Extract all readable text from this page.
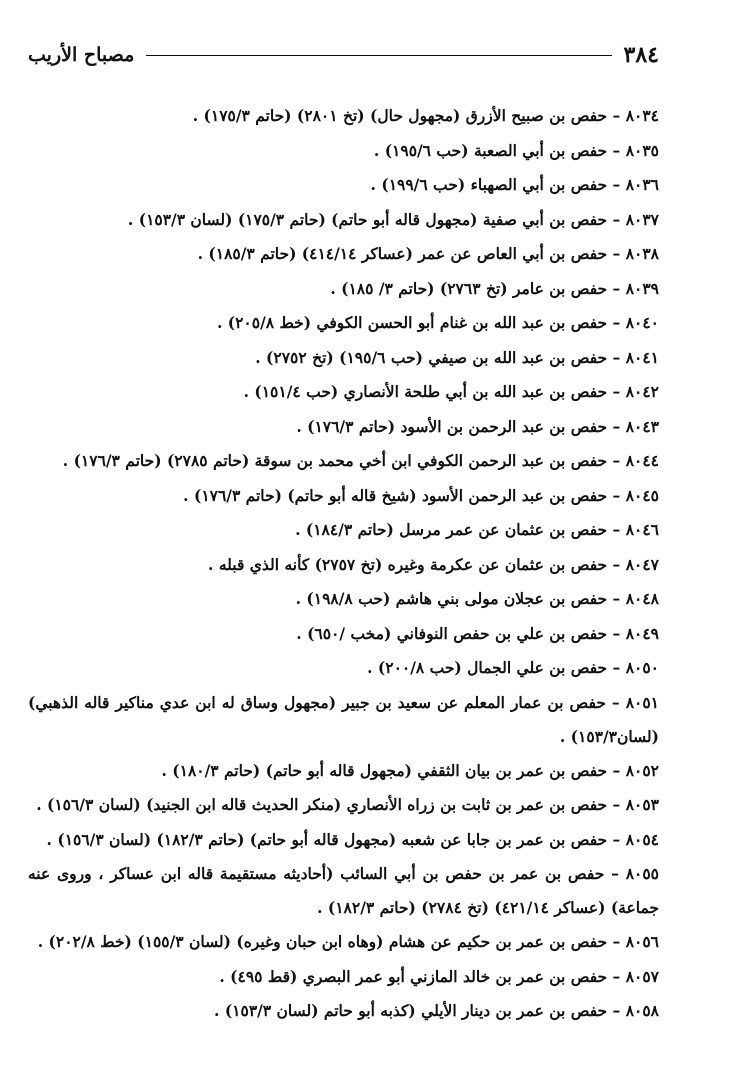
٣٨٤
مصباح الأريب
٨٠٣٤ – حفص بن صبيح الأزرق (مجهول حال) (تخ ٢٨٠١) (حاتم ١٧٥/٣) .
٨٠٣٥ – حفص بن أبي الصعبة (حب ١٩٥/٦) .
٨٠٣٦ – حفص بن أبي الصهباء (حب ١٩٩/٦) .
٨٠٣٧ – حفص بن أبي صفية (مجهول قاله أبو حاتم) (حاتم ١٧٥/٣) (لسان ١٥٣/٣) .
٨٠٣٨ – حفص بن أبي العاص عن عمر (عساكر ٤١٤/١٤) (حاتم ١٨٥/٣) .
٨٠٣٩ – حفص بن عامر (تخ ٢٧٦٣) (حاتم ٣/ ١٨٥) .
٨٠٤٠ – حفص بن عبد الله بن غنام أبو الحسن الكوفي (خط ٢٠٥/٨) .
٨٠٤١ – حفص بن عبد الله بن صيفي (حب ١٩٥/٦) (تخ ٢٧٥٢) .
٨٠٤٢ – حفص بن عبد الله بن أبي طلحة الأنصاري (حب ١٥١/٤) .
٨٠٤٣ – حفص بن عبد الرحمن بن الأسود (حاتم ١٧٦/٣) .
٨٠٤٤ – حفص بن عبد الرحمن الكوفي ابن أخي محمد بن سوقة (حاتم ٢٧٨٥) (حاتم ١٧٦/٣) .
٨٠٤٥ – حفص بن عبد الرحمن الأسود (شيخ قاله أبو حاتم) (حاتم ١٧٦/٣) .
٨٠٤٦ – حفص بن عثمان عن عمر مرسل (حاتم ١٨٤/٣) .
٨٠٤٧ – حفص بن عثمان عن عكرمة وغيره (تخ ٢٧٥٧) كأنه الذي قبله .
٨٠٤٨ – حفص بن عجلان مولى بني هاشم (حب ١٩٨/٨) .
٨٠٤٩ – حفص بن علي بن حفص النوفاني (مخب /٦٥٠) .
٨٠٥٠ – حفص بن علي الجمال (حب ٢٠٠/٨) .
٨٠٥١ – حفص بن عمار المعلم عن سعيد بن جبير (مجهول وساق له ابن عدي مناكير قاله الذهبي) (لسان١٥٣/٣) .
٨٠٥٢ – حفص بن عمر بن بيان الثقفي (مجهول قاله أبو حاتم) (حاتم ١٨٠/٣) .
٨٠٥٣ – حفص بن عمر بن ثابت بن زراه الأنصاري (منكر الحديث قاله ابن الجنيد) (لسان ١٥٦/٣) .
٨٠٥٤ – حفص بن عمر بن جابا عن شعبه (مجهول قاله أبو حاتم) (حاتم ١٨٢/٣) (لسان ١٥٦/٣) .
٨٠٥٥ – حفص بن عمر بن حفص بن أبي السائب (أحاديثه مستقيمة قاله ابن عساكر ، وروى عنه جماعة) (عساكر ٤٢١/١٤) (تخ ٢٧٨٤) (حاتم ١٨٢/٣) .
٨٠٥٦ – حفص بن عمر بن حكيم عن هشام (وهاه ابن حبان وغيره) (لسان ١٥٥/٣) (خط ٢٠٢/٨) .
٨٠٥٧ – حفص بن عمر بن خالد المازني أبو عمر البصري (قط ٤٩٥) .
٨٠٥٨ – حفص بن عمر بن دينار الأيلي (كذبه أبو حاتم (لسان ١٥٣/٣) .
